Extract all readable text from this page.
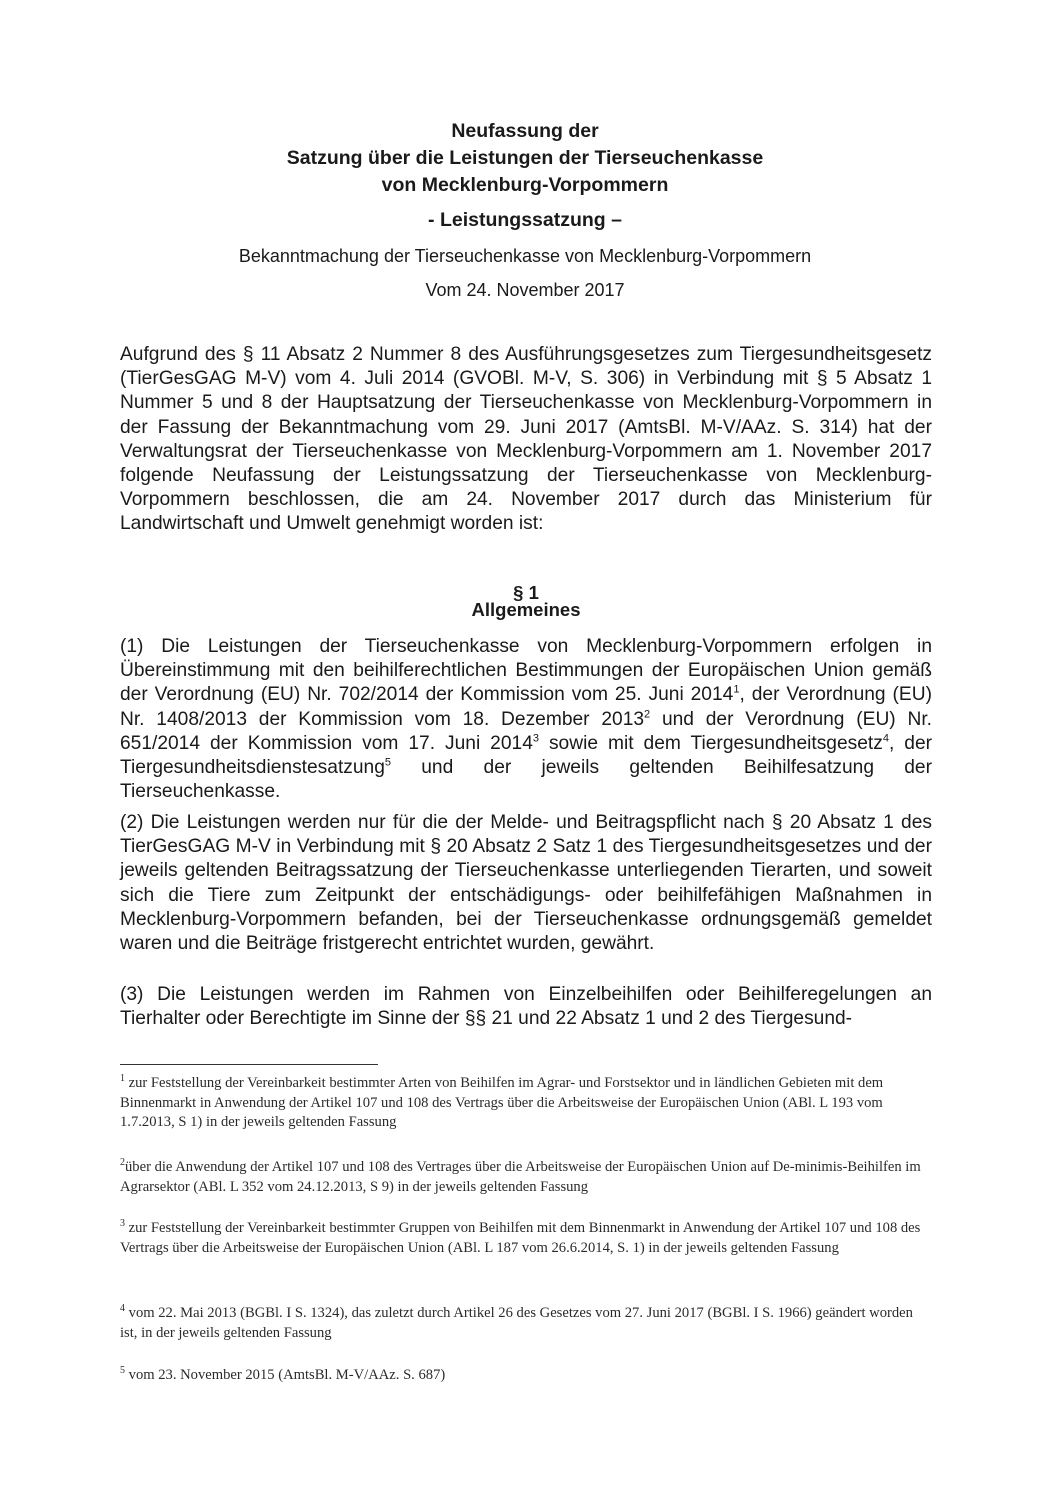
Neufassung der
Satzung über die Leistungen der Tierseuchenkasse
von Mecklenburg-Vorpommern
- Leistungssatzung –
Bekanntmachung der Tierseuchenkasse von Mecklenburg-Vorpommern
Vom 24. November 2017
Aufgrund des § 11 Absatz 2 Nummer 8 des Ausführungsgesetzes zum Tiergesundheitsgesetz (TierGesGAG M-V) vom 4. Juli 2014 (GVOBl. M-V, S. 306) in Verbindung mit § 5 Absatz 1 Nummer 5 und 8 der Hauptsatzung der Tierseuchenkasse von Mecklenburg-Vorpommern in der Fassung der Bekanntmachung vom 29. Juni 2017 (AmtsBl. M-V/AAz. S. 314) hat der Verwaltungsrat der Tierseuchenkasse von Mecklenburg-Vorpommern am 1. November 2017 folgende Neufassung der Leistungssatzung der Tierseuchenkasse von Mecklenburg-Vorpommern beschlossen, die am 24. November 2017 durch das Ministerium für Landwirtschaft und Umwelt genehmigt worden ist:
§ 1
Allgemeines
(1) Die Leistungen der Tierseuchenkasse von Mecklenburg-Vorpommern erfolgen in Übereinstimmung mit den beihilferechtlichen Bestimmungen der Europäischen Union gemäß der Verordnung (EU) Nr. 702/2014 der Kommission vom 25. Juni 2014$^1$, der Verordnung (EU) Nr. 1408/2013 der Kommission vom 18. Dezember 2013$^2$ und der Verordnung (EU) Nr. 651/2014 der Kommission vom 17. Juni 2014$^3$ sowie mit dem Tiergesundheitsgesetz$^4$, der Tiergesundheitsdienstesatzung$^5$ und der jeweils geltenden Beihilfesatzung der Tierseuchenkasse.
(2) Die Leistungen werden nur für die der Melde- und Beitragspflicht nach § 20 Absatz 1 des TierGesGAG M-V in Verbindung mit § 20 Absatz 2 Satz 1 des Tiergesundheitsgesetzes und der jeweils geltenden Beitragssatzung der Tierseuchenkasse unterliegenden Tierarten, und soweit sich die Tiere zum Zeitpunkt der entschädigungs- oder beihilfefähigen Maßnahmen in Mecklenburg-Vorpommern befanden, bei der Tierseuchenkasse ordnungsgemäß gemeldet waren und die Beiträge fristgerecht entrichtet wurden, gewährt.
(3) Die Leistungen werden im Rahmen von Einzelbeihilfen oder Beihilferegelungen an Tierhalter oder Berechtigte im Sinne der §§ 21 und 22 Absatz 1 und 2 des Tiergesund-
$^1$ zur Feststellung der Vereinbarkeit bestimmter Arten von Beihilfen im Agrar- und Forstsektor und in ländlichen Gebieten mit dem Binnenmarkt in Anwendung der Artikel 107 und 108 des Vertrags über die Arbeitsweise der Europäischen Union (ABl. L 193 vom 1.7.2013, S 1) in der jeweils geltenden Fassung
$^2$über die Anwendung der Artikel 107 und 108 des Vertrages über die Arbeitsweise der Europäischen Union auf De-minimis-Beihilfen im Agrarsektor (ABl. L 352 vom 24.12.2013, S 9) in der jeweils geltenden Fassung
$^3$ zur Feststellung der Vereinbarkeit bestimmter Gruppen von Beihilfen mit dem Binnenmarkt in Anwendung der Artikel 107 und 108 des Vertrags über die Arbeitsweise der Europäischen Union (ABl. L 187 vom 26.6.2014, S. 1) in der jeweils geltenden Fassung
$^4$ vom 22. Mai 2013 (BGBl. I S. 1324), das zuletzt durch Artikel 26 des Gesetzes vom 27. Juni 2017 (BGBl. I S. 1966) geändert worden ist, in der jeweils geltenden Fassung
$^5$ vom 23. November 2015 (AmtsBl. M-V/AAz. S. 687)
